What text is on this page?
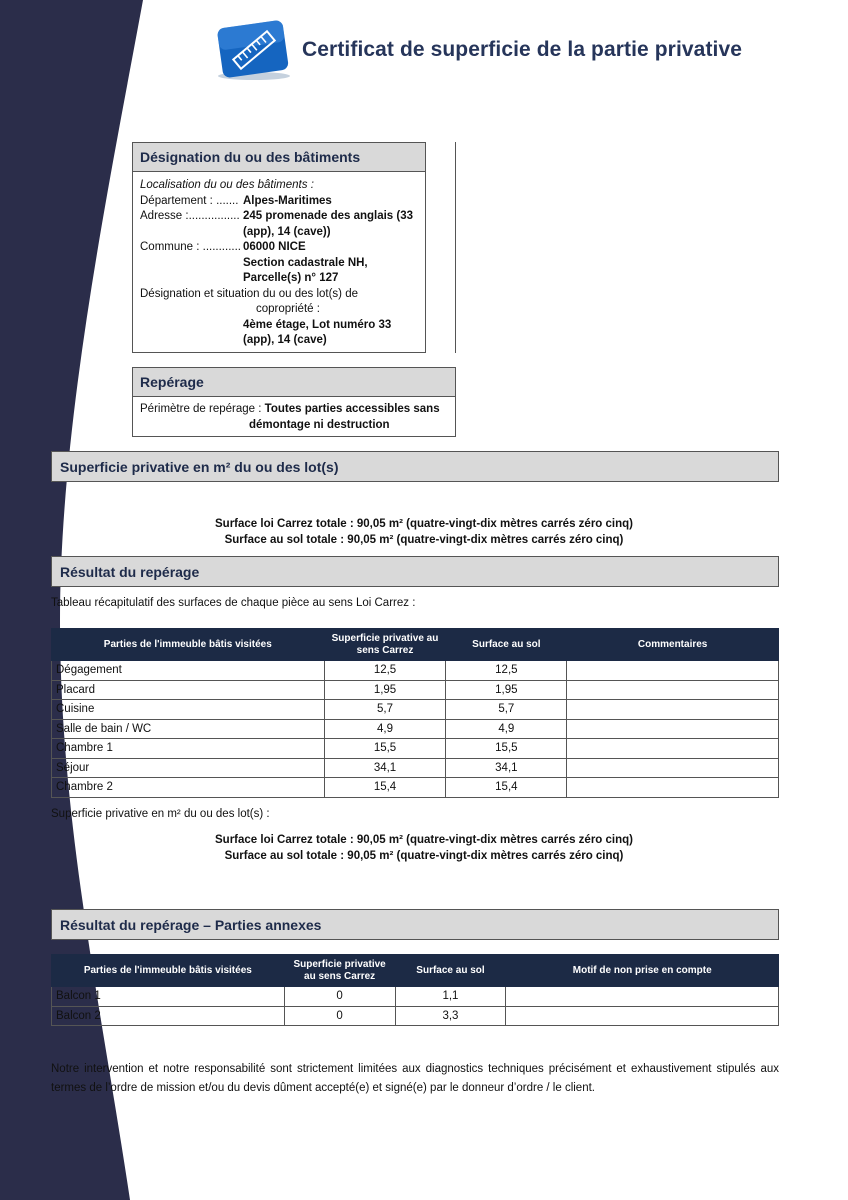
Certificat de superficie de la partie privative
Désignation du ou des bâtiments
Localisation du ou des bâtiments :
Département : ....... Alpes-Maritimes
Adresse :................ 245 promenade des anglais (33
(app), 14 (cave))
Commune : ............ 06000 NICE
Section cadastrale NH,
Parcelle(s) n° 127
Désignation et situation du ou des lot(s) de
copropriété :
4ème étage, Lot numéro 33
(app), 14 (cave)
Repérage
Périmètre de repérage : Toutes parties accessibles sans
démontage ni destruction
Superficie privative en m² du ou des lot(s)
Surface loi Carrez totale : 90,05 m² (quatre-vingt-dix mètres carrés zéro cinq)
Surface au sol totale : 90,05 m² (quatre-vingt-dix mètres carrés zéro cinq)
Résultat du repérage
Tableau récapitulatif des surfaces de chaque pièce au sens Loi Carrez :
Parties de l'immeuble bâtis visitées	Superficie privative au sens Carrez	Surface au sol	Commentaires
Dégagement	12,5	12,5	
Placard	1,95	1,95	
Cuisine	5,7	5,7	
Salle de bain / WC	4,9	4,9	
Chambre 1	15,5	15,5	
Séjour	34,1	34,1	
Chambre 2	15,4	15,4	
Superficie privative en m² du ou des lot(s) :
Surface loi Carrez totale : 90,05 m² (quatre-vingt-dix mètres carrés zéro cinq)
Surface au sol totale : 90,05 m² (quatre-vingt-dix mètres carrés zéro cinq)
Résultat du repérage – Parties annexes
Parties de l'immeuble bâtis visitées	Superficie privative au sens Carrez	Surface au sol	Motif de non prise en compte
Balcon 1	0	1,1	
Balcon 2	0	3,3	
Notre intervention et notre responsabilité sont strictement limitées aux diagnostics techniques précisément et exhaustivement stipulés aux termes de l’ordre de mission et/ou du devis dûment accepté(e) et signé(e) par le donneur d’ordre / le client.
